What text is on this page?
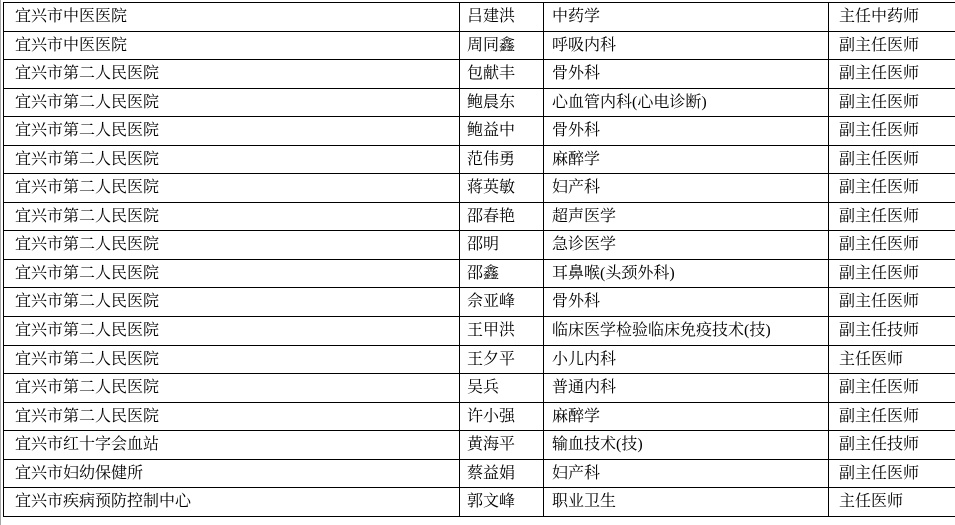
宜兴市中医医院	吕建洪	中药学	主任中药师
宜兴市中医医院	周同鑫	呼吸内科	副主任医师
宜兴市第二人民医院	包献丰	骨外科	副主任医师
宜兴市第二人民医院	鲍晨东	心血管内科(心电诊断)	副主任医师
宜兴市第二人民医院	鲍益中	骨外科	副主任医师
宜兴市第二人民医院	范伟勇	麻醉学	副主任医师
宜兴市第二人民医院	蒋英敏	妇产科	副主任医师
宜兴市第二人民医院	邵春艳	超声医学	副主任医师
宜兴市第二人民医院	邵明	急诊医学	副主任医师
宜兴市第二人民医院	邵鑫	耳鼻喉(头颈外科)	副主任医师
宜兴市第二人民医院	佘亚峰	骨外科	副主任医师
宜兴市第二人民医院	王甲洪	临床医学检验临床免疫技术(技)	副主任技师
宜兴市第二人民医院	王夕平	小儿内科	主任医师
宜兴市第二人民医院	吴兵	普通内科	副主任医师
宜兴市第二人民医院	许小强	麻醉学	副主任医师
宜兴市红十字会血站	黄海平	输血技术(技)	副主任技师
宜兴市妇幼保健所	蔡益娟	妇产科	副主任医师
宜兴市疾病预防控制中心	郭文峰	职业卫生	主任医师
